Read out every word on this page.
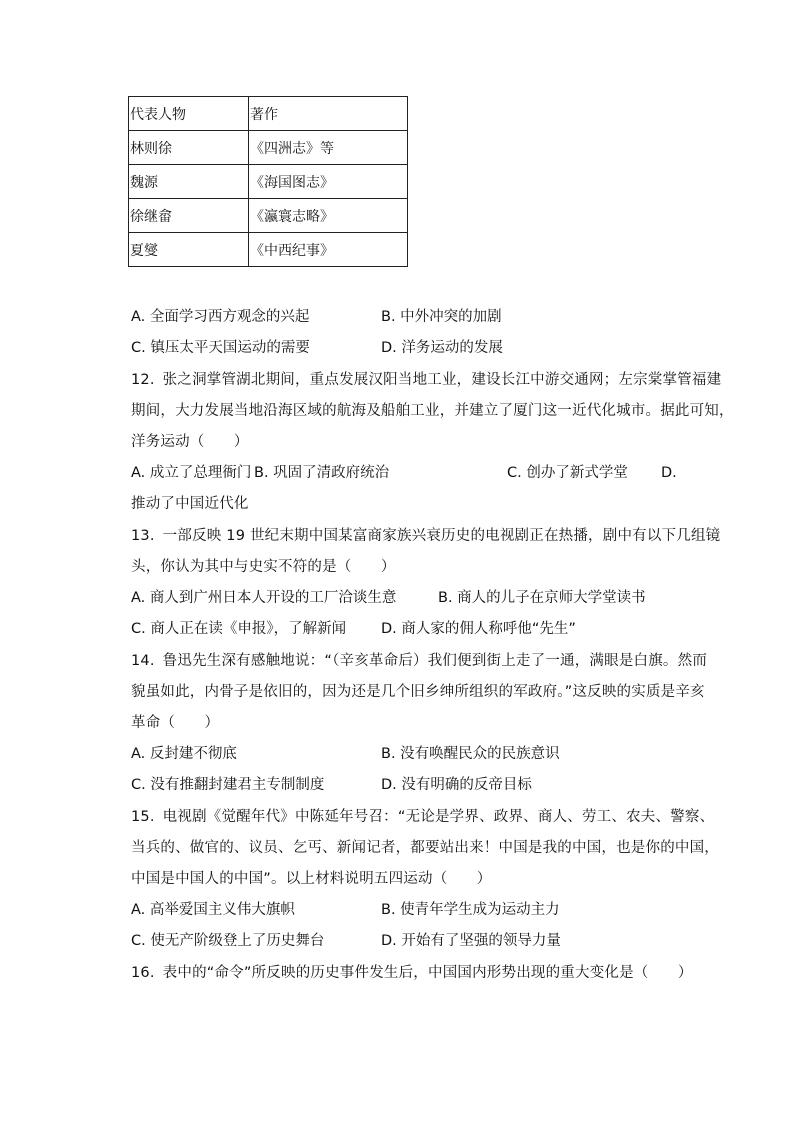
代表人物	著作
林则徐	《四洲志》等
魏源	《海国图志》
徐继畲	《瀛寰志略》
夏燮	《中西纪事》
A. 全面学习西方观念的兴起	B. 中外冲突的加剧
C. 镇压太平天国运动的需要	D. 洋务运动的发展
12. 张之洞掌管湖北期间，重点发展汉阳当地工业，建设长江中游交通网；左宗棠掌管福建
期间，大力发展当地沿海区域的航海及船舶工业，并建立了厦门这一近代化城市。据此可知，
洋务运动（　　）
A. 成立了总理衙门 B. 巩固了清政府统治	C. 创办了新式学堂 D.
推动了中国近代化
13. 一部反映 19 世纪末期中国某富商家族兴衰历史的电视剧正在热播，剧中有以下几组镜
头，你认为其中与史实不符的是（　　）
A. 商人到广州日本人开设的工厂洽谈生意	B. 商人的儿子在京师大学堂读书
C. 商人正在读《申报》，了解新闻 D. 商人家的佣人称呼他“先生”
14. 鲁迅先生深有感触地说：“（辛亥革命后）我们便到街上走了一通，满眼是白旗。然而
貌虽如此，内骨子是依旧的，因为还是几个旧乡绅所组织的军政府。”这反映的实质是辛亥
革命（　　）
A. 反封建不彻底	B. 没有唤醒民众的民族意识
C. 没有推翻封建君主专制制度	D. 没有明确的反帝目标
15. 电视剧《觉醒年代》中陈延年号召：“无论是学界、政界、商人、劳工、农夫、警察、
当兵的、做官的、议员、乞丐、新闻记者，都要站出来！中国是我的中国，也是你的中国，
中国是中国人的中国”。以上材料说明五四运动（　　）
A. 高举爱国主义伟大旗帜	B. 使青年学生成为运动主力
C. 使无产阶级登上了历史舞台	D. 开始有了坚强的领导力量
16. 表中的“命令”所反映的历史事件发生后，中国国内形势出现的重大变化是（　　）
